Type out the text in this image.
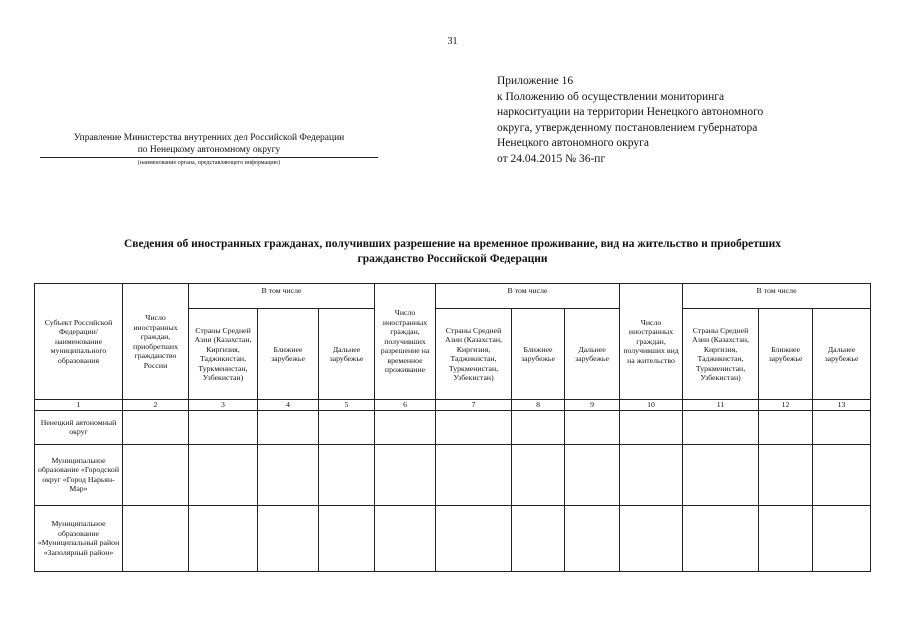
31
Управление Министерства внутренних дел Российской Федерации
по Ненецкому автономному округу
(наименование органа, представляющего информацию)
Приложение 16
к Положению об осуществлении мониторинга
наркоситуации на территории Ненецкого автономного
округа, утвержденному постановлением губернатора
Ненецкого автономного округа
от 24.04.2015 № 36-пг
Сведения об иностранных гражданах, получивших разрешение на временное проживание, вид на жительство и приобретших
гражданство Российской Федерации
Субъект Российской Федерации/ наименование муниципального образования	Число иностранных граждан, приобретших гражданство России	В том числе			Число иностранных граждан, получивших разрешение на временное проживание	В том числе			Число иностранных граждан, получивших вид на жительство	В том числе		
		Страны Средней Азии (Казахстан, Киргизия, Таджикистан, Туркменистан, Узбекистан)	Ближнее зарубежье	Дальнее зарубежье		Страны Средней Азии (Казахстан, Киргизия, Таджикистан, Туркменистан, Узбекистан)	Ближнее зарубежье	Дальнее зарубежье		Страны Средней Азии (Казахстан, Киргизия, Таджикистан, Туркменистан, Узбекистан)	Ближнее зарубежье	Дальнее зарубежье
1	2	3	4	5	6	7	8	9	10	11	12	13
Ненецкий автономный округ												
Муниципальное образование «Городской округ «Город Нарьян-Мар»												
Муниципальное образование «Муниципальный район «Заполярный район»												
